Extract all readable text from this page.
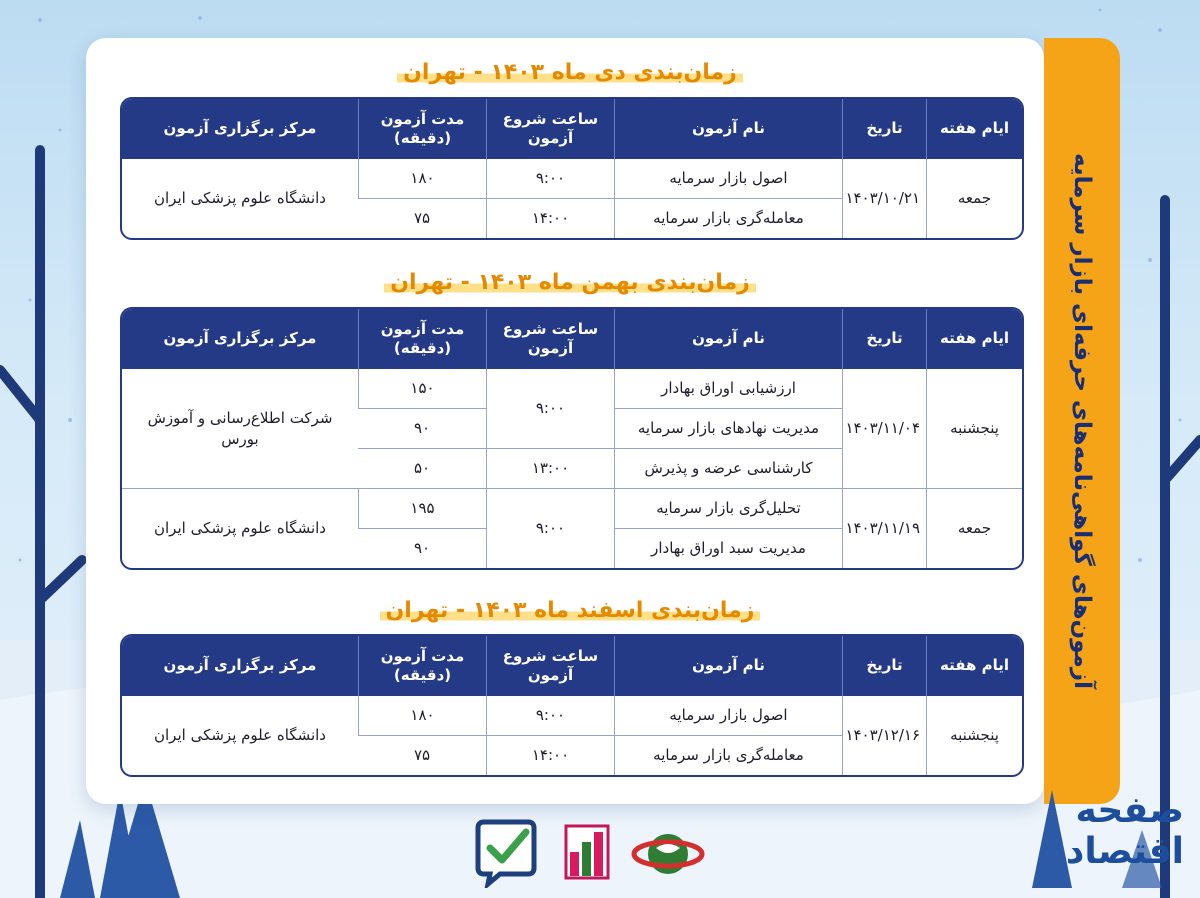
آزمون‌های گواهی‌نامه‌های حرفه‌ای بازار سرمایه
زمان‌بندی دی ماه ۱۴۰۳ - تهران
ایام هفته	تاریخ	نام آزمون	ساعت شروع آزمون	مدت آزمون (دقیقه)	مرکز برگزاری آزمون
جمعه	۱۴۰۳/۱۰/۲۱	اصول بازار سرمایه	۹:۰۰	۱۸۰	دانشگاه علوم پزشکی ایران
		معامله‌گری بازار سرمایه	۱۴:۰۰	۷۵	
زمان‌بندی بهمن ماه ۱۴۰۳ - تهران
ایام هفته	تاریخ	نام آزمون	ساعت شروع آزمون	مدت آزمون (دقیقه)	مرکز برگزاری آزمون
پنجشنبه	۱۴۰۳/۱۱/۰۴	ارزشیابی اوراق بهادار	۹:۰۰	۱۵۰	شرکت اطلاع‌رسانی و آموزش بورس
		مدیریت نهادهای بازار سرمایه		۹۰	
		کارشناسی عرضه و پذیرش	۱۳:۰۰	۵۰	
جمعه	۱۴۰۳/۱۱/۱۹	تحلیل‌گری بازار سرمایه	۹:۰۰	۱۹۵	دانشگاه علوم پزشکی ایران
		مدیریت سبد اوراق بهادار		۹۰	
زمان‌بندی اسفند ماه ۱۴۰۳ - تهران
ایام هفته	تاریخ	نام آزمون	ساعت شروع آزمون	مدت آزمون (دقیقه)	مرکز برگزاری آزمون
پنجشنبه	۱۴۰۳/۱۲/۱۶	اصول بازار سرمایه	۹:۰۰	۱۸۰	دانشگاه علوم پزشکی ایران
		معامله‌گری بازار سرمایه	۱۴:۰۰	۷۵	
صفحه اقتصاد
